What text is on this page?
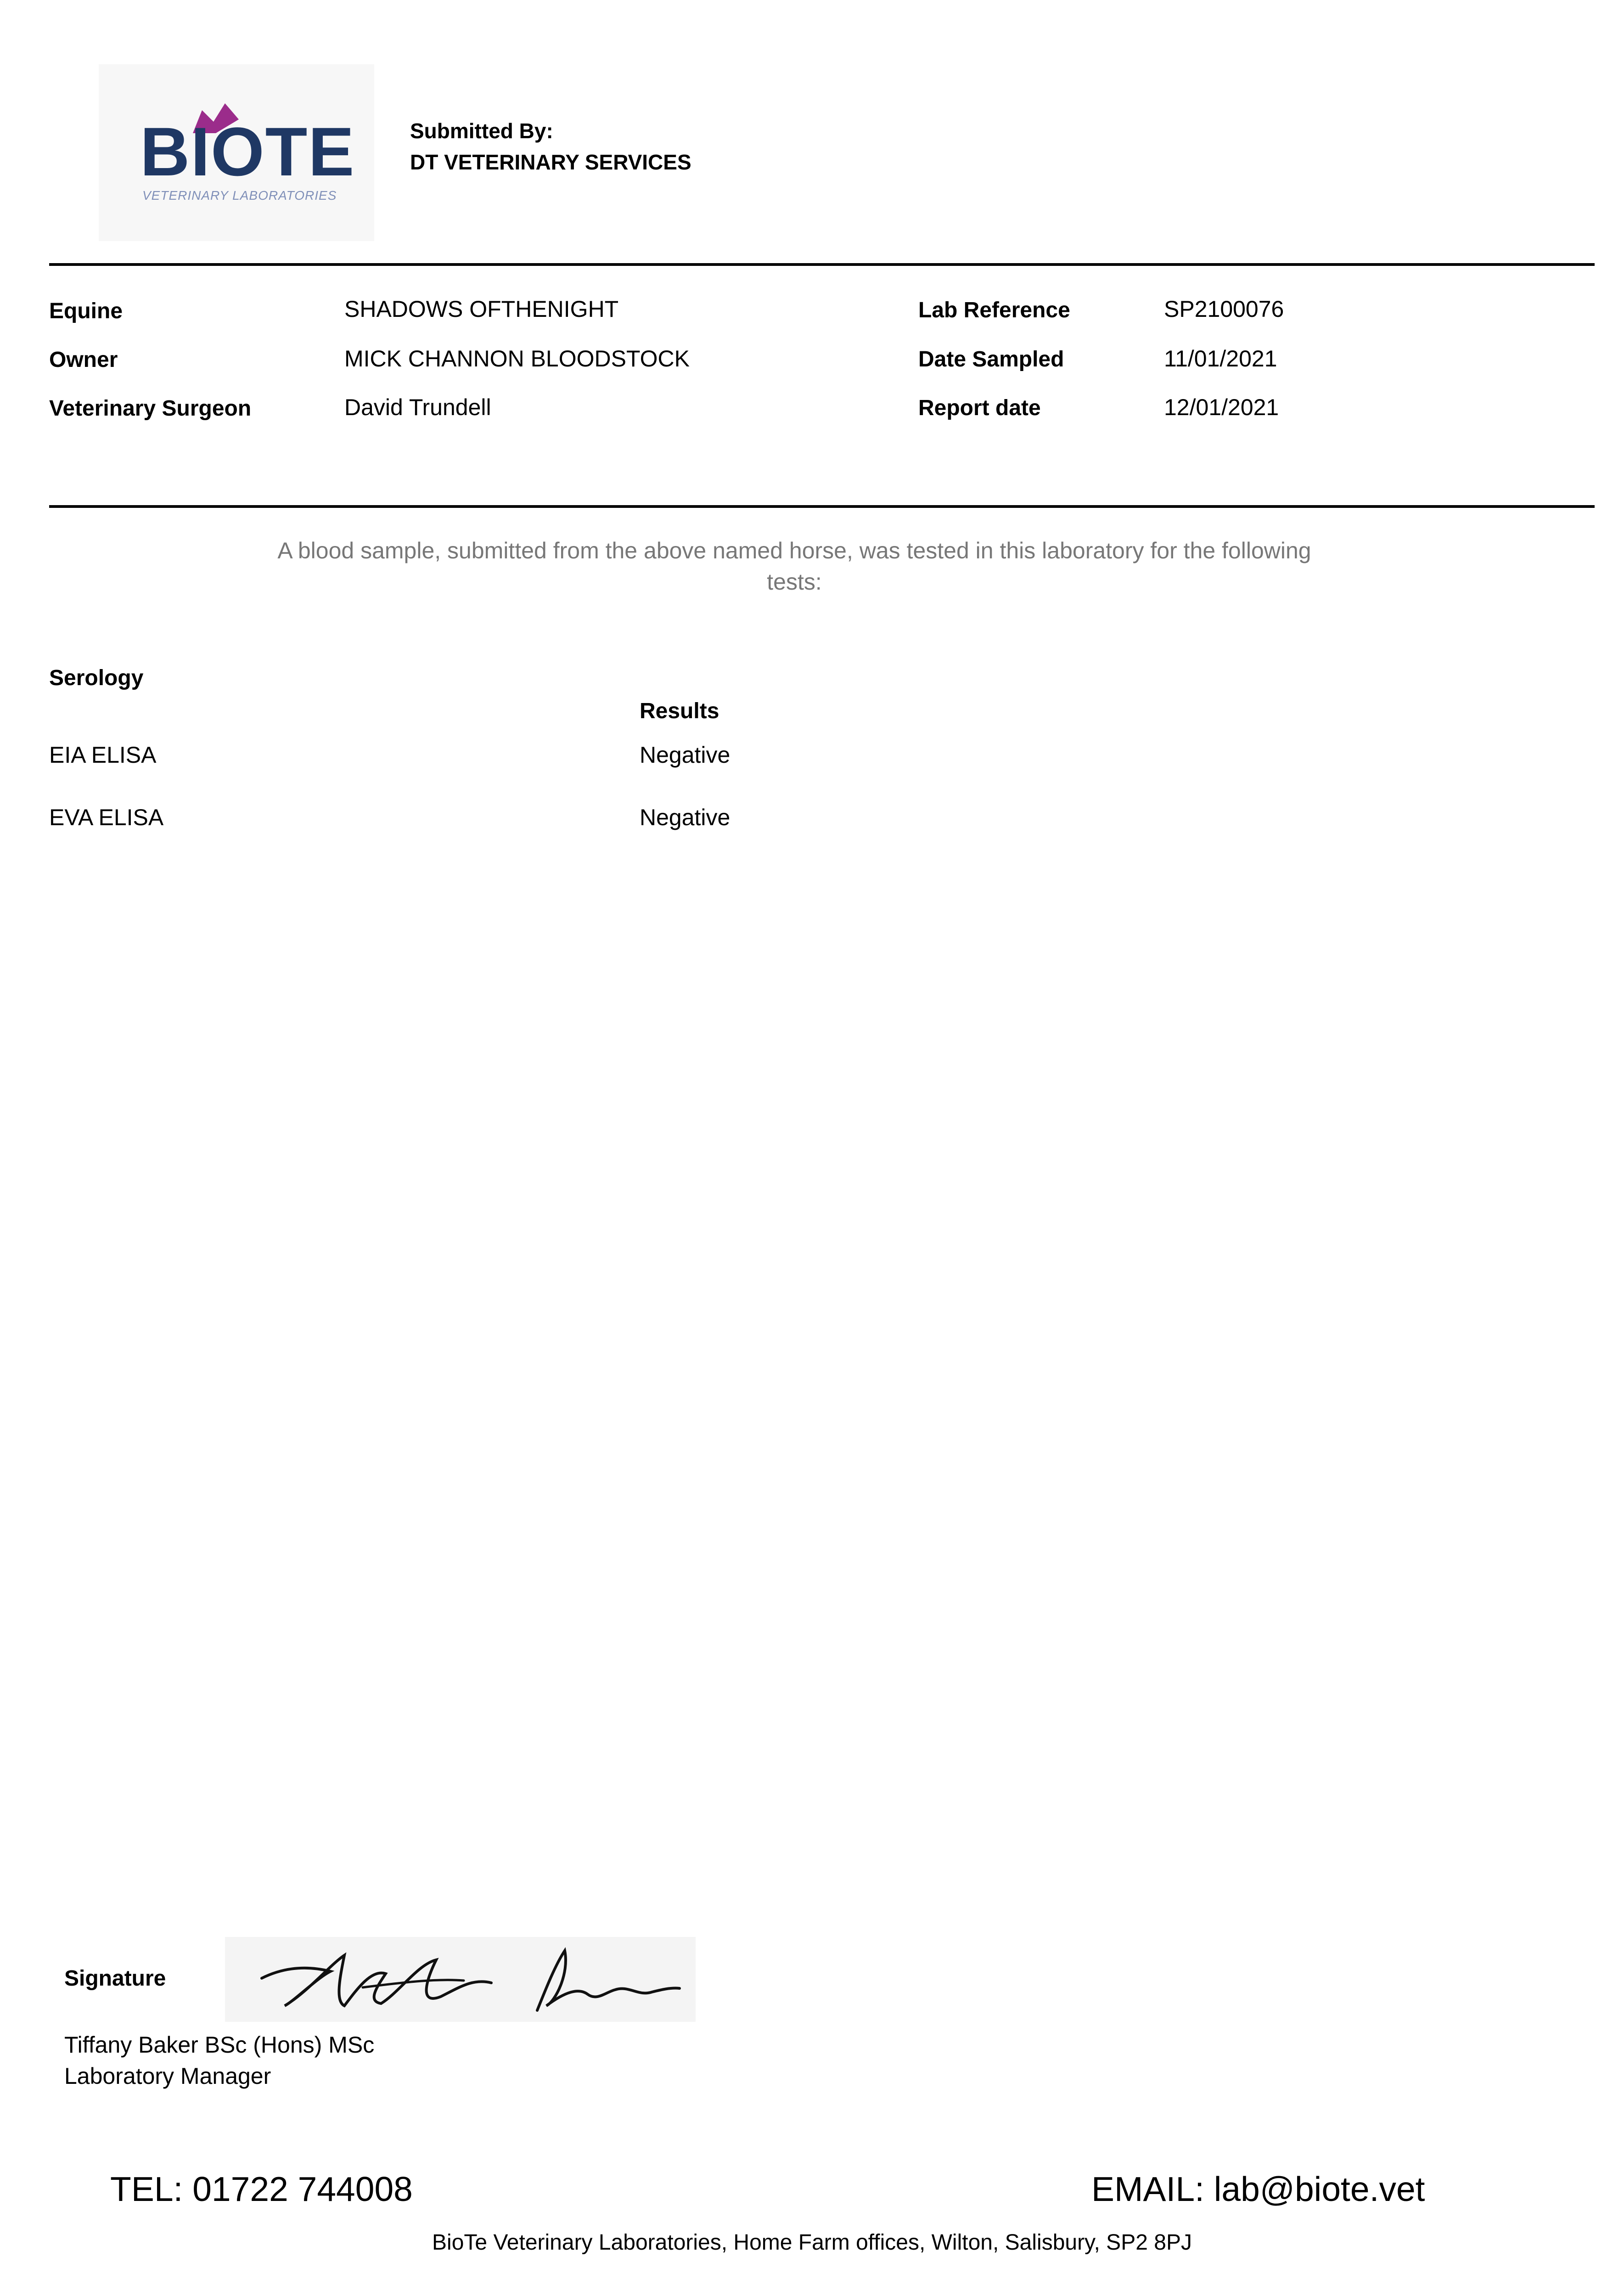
BIOTE
VETERINARY LABORATORIES
Submitted By:
DT VETERINARY SERVICES
Equine	SHADOWS OFTHENIGHT
Owner	MICK CHANNON BLOODSTOCK
Veterinary Surgeon	David Trundell
Lab Reference	SP2100076
Date Sampled	11/01/2021
Report date	12/01/2021
A blood sample, submitted from the above named horse, was tested in this laboratory for the following tests:
Serology
Results
EIA ELISA	Negative
EVA ELISA	Negative
Signature
Tiffany Baker BSc (Hons) MSc
Laboratory Manager
TEL: 01722 744008	EMAIL: lab@biote.vet
BioTe Veterinary Laboratories, Home Farm offices, Wilton, Salisbury, SP2 8PJ
